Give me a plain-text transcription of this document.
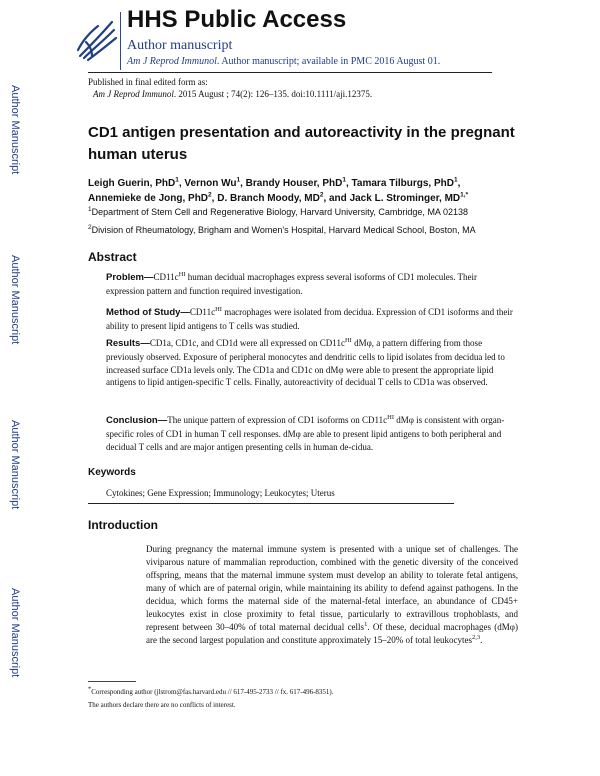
Author Manuscript
Author Manuscript
Author Manuscript
Author Manuscript
HHS Public Access
Author manuscript
Am J Reprod Immunol. Author manuscript; available in PMC 2016 August 01.
Published in final edited form as:
Am J Reprod Immunol. 2015 August ; 74(2): 126–135. doi:10.1111/aji.12375.
CD1 antigen presentation and autoreactivity in the pregnant human uterus
Leigh Guerin, PhD$^1$, Vernon Wu$^1$, Brandy Houser, PhD$^1$, Tamara Tilburgs, PhD$^1$,
Annemieke de Jong, PhD$^2$, D. Branch Moody, $MD^2$, and Jack L. Strominger, $MD^{1,*}$
$^1$Department of Stem Cell and Regenerative Biology, Harvard University, Cambridge, MA 02138
$^2$Division of Rheumatology, Brigham and Women's Hospital, Harvard Medical School, Boston, MA
Abstract
$Problem—CD11c^{HI}$ human decidual macrophages express several isoforms of CD1 molecules. Their expression pattern and function required investigation.
Method of $Study—CD11c^{HI}$ macrophages were isolated from decidua. Expression of CD1 isoforms and their ability to present lipid antigens to T cells was studied.
Results—CD1a, CD1c, and CD1d were all expressed on $CD11c^{HI}$ dMφ, a pattern differing from those previously observed. Exposure of peripheral monocytes and dendritic cells to lipid isolates from decidua led to increased surface CD1a levels only. The CD1a and CD1c on dMφ were able to present the appropriate lipid antigens to lipid antigen-specific T cells. Finally, autoreactivity of decidual T cells to CD1a was observed.
Conclusion—The unique pattern of expression of CD1 isoforms on $CD11c^{HI}$ dMφ is consistent with organ-specific roles of CD1 in human T cell responses. dMφ are able to present lipid antigens to both peripheral and decidual T cells and are major antigen presenting cells in human de-cidua.
Keywords
Cytokines; Gene Expression; Immunology; Leukocytes; Uterus
Introduction
During pregnancy the maternal immune system is presented with a unique set of challenges. The viviparous nature of mammalian reproduction, combined with the genetic diversity of the conceived offspring, means that the maternal immune system must develop an ability to tolerate fetal antigens, many of which are of paternal origin, while maintaining its ability to defend against pathogens. In the decidua, which forms the maternal side of the maternal-fetal interface, an abundance of CD45+ leukocytes exist in close proximity to fetal tissue, particularly to extravillous trophoblasts, and represent between 30–40% of total maternal decidual cells$^1$. Of these, decidual macrophages (dMφ) are the second largest population and constitute approximately 15–20% of total leukocytes$^{2,3}$.
*Corresponding author (jlstrom@fas.harvard.edu // 617-495-2733 // fx. 617-496-8351).
The authors declare there are no conflicts of interest.
